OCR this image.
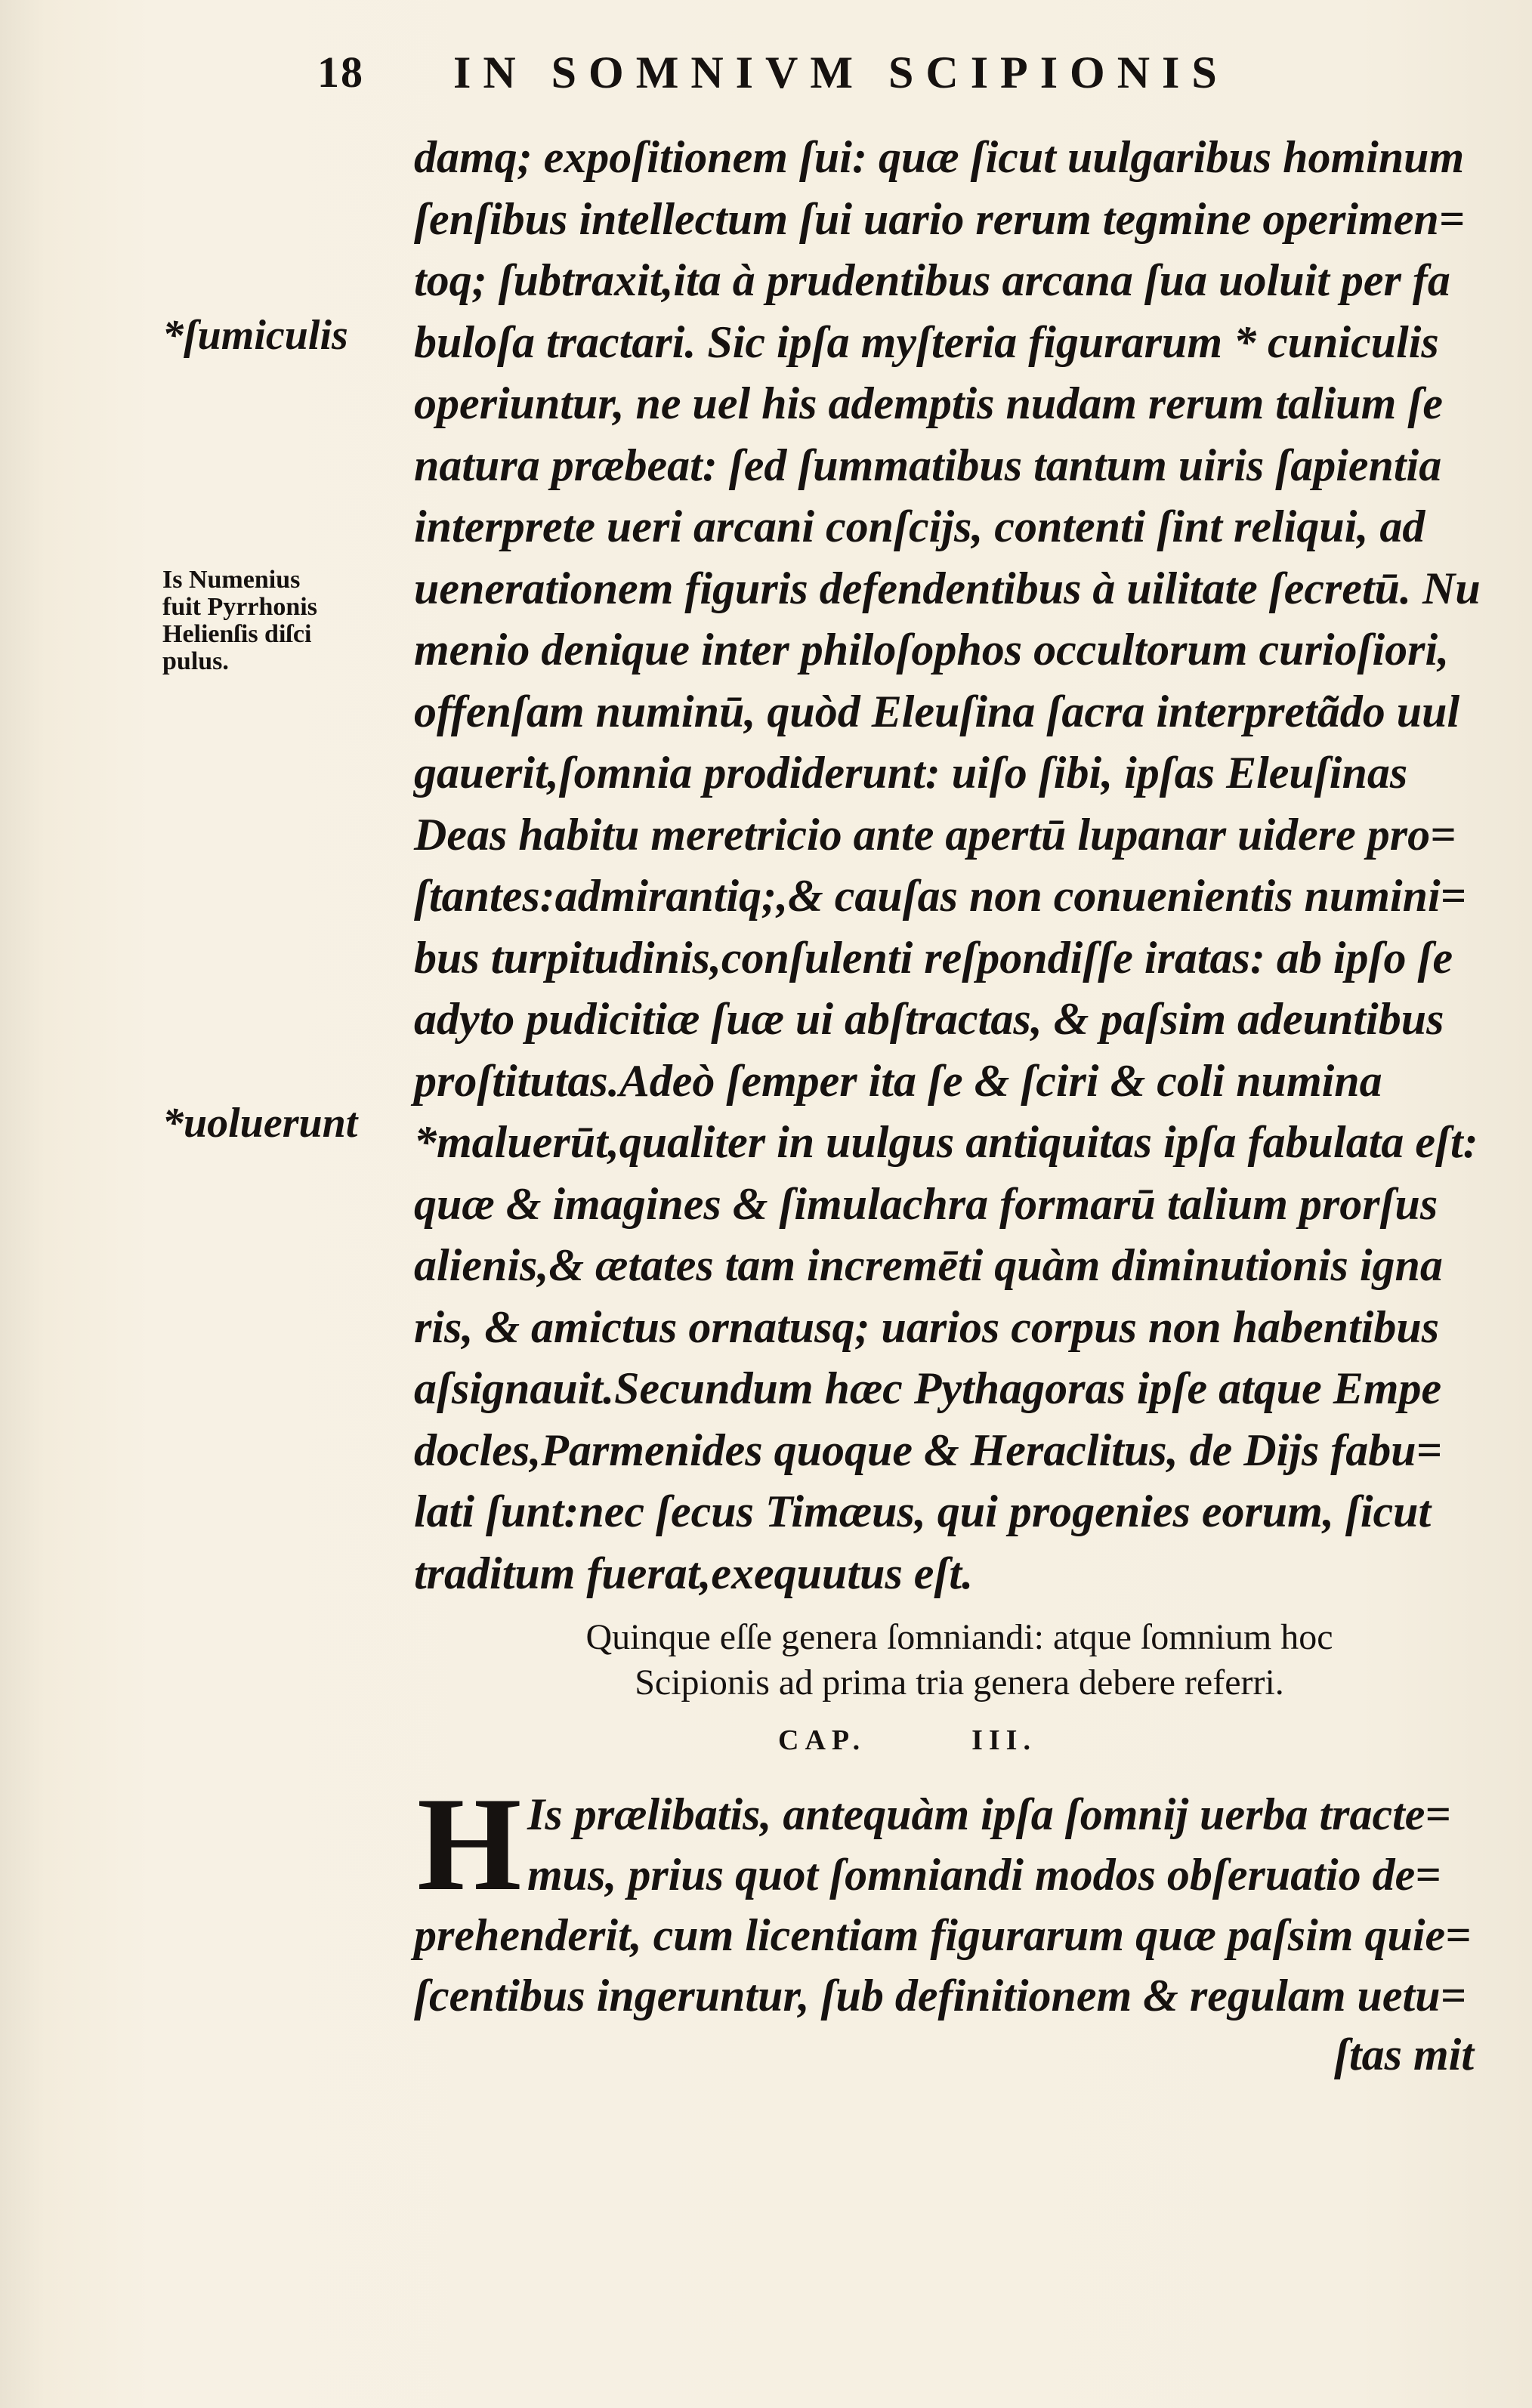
18 IN SOMNIVM SCIPIONIS
damq; expoſitionem ſui: quæ ſicut uulgaribus hominum
ſenſibus intellectum ſui uario rerum tegmine operimen=
toq; ſubtraxit,ita à prudentibus arcana ſua uoluit per fa
buloſa tractari. Sic ipſa myſteria figurarum * cuniculis
operiuntur, ne uel his ademptis nudam rerum talium ſe
natura præbeat: ſed ſummatibus tantum uiris ſapientia
interprete ueri arcani conſcijs, contenti ſint reliqui, ad
uenerationem figuris defendentibus à uilitate ſecretū. Nu
menio denique inter philoſophos occultorum curioſiori,
offenſam numinū, quòd Eleuſina ſacra interpretãdo uul
gauerit,ſomnia prodiderunt: uiſo ſibi, ipſas Eleuſinas
Deas habitu meretricio ante apertū lupanar uidere pro=
ſtantes:admirantiq;,& cauſas non conuenientis numini=
bus turpitudinis,conſulenti reſpondiſſe iratas: ab ipſo ſe
adyto pudicitiæ ſuæ ui abſtractas, & paſsim adeuntibus
proſtitutas.Adeò ſemper ita ſe & ſciri & coli numina
*maluerūt,qualiter in uulgus antiquitas ipſa fabulata eſt:
quæ & imagines & ſimulachra formarū talium prorſus
alienis,& ætates tam incremēti quàm diminutionis igna
ris, & amictus ornatusq; uarios corpus non habentibus
aſsignauit.Secundum hæc Pythagoras ipſe atque Empe
docles,Parmenides quoque & Heraclitus, de Dijs fabu=
lati ſunt:nec ſecus Timæus, qui progenies eorum, ſicut
traditum fuerat,exequutus eſt.
*ſumiculis
Is Numenius
fuit Pyrrhonis
Helienſis diſci
pulus.
*uoluerunt
Quinque eſſe genera ſomniandi: atque ſomnium hoc
Scipionis ad prima tria genera debere referri.
CAP.	III.
H Is prælibatis, antequàm ipſa ſomnij uerba tracte=
mus, prius quot ſomniandi modos obſeruatio de=
prehenderit, cum licentiam figurarum quæ paſsim quie=
ſcentibus ingeruntur, ſub definitionem & regulam uetu=
ſtas mit
